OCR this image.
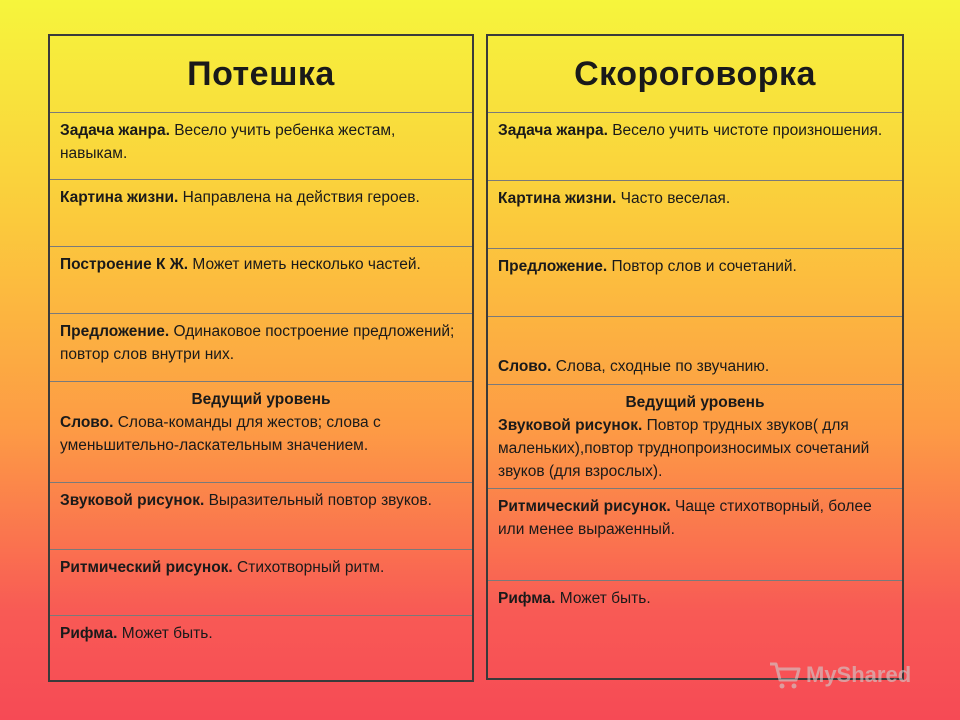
Потешка
Задача жанра. Весело учить ребенка жестам, навыкам.
Картина жизни. Направлена на действия героев.
Построение К Ж. Может иметь несколько частей.
Предложение. Одинаковое построение предложений; повтор слов внутри них.
Ведущий уровень
Слово. Слова-команды для жестов; слова с уменьшительно-ласкательным значением.
Звуковой рисунок. Выразительный повтор звуков.
Ритмический рисунок. Стихотворный ритм.
Рифма. Может быть.
Скороговорка
Задача жанра. Весело учить чистоте произношения.
Картина жизни. Часто веселая.
Предложение. Повтор слов и сочетаний.
Слово. Слова, сходные по звучанию.
Ведущий уровень
Звуковой рисунок. Повтор трудных звуков( для маленьких),повтор труднопроизносимых сочетаний звуков (для взрослых).
Ритмический рисунок. Чаще стихотворный, более или менее выраженный.
Рифма. Может быть.
MyShared
